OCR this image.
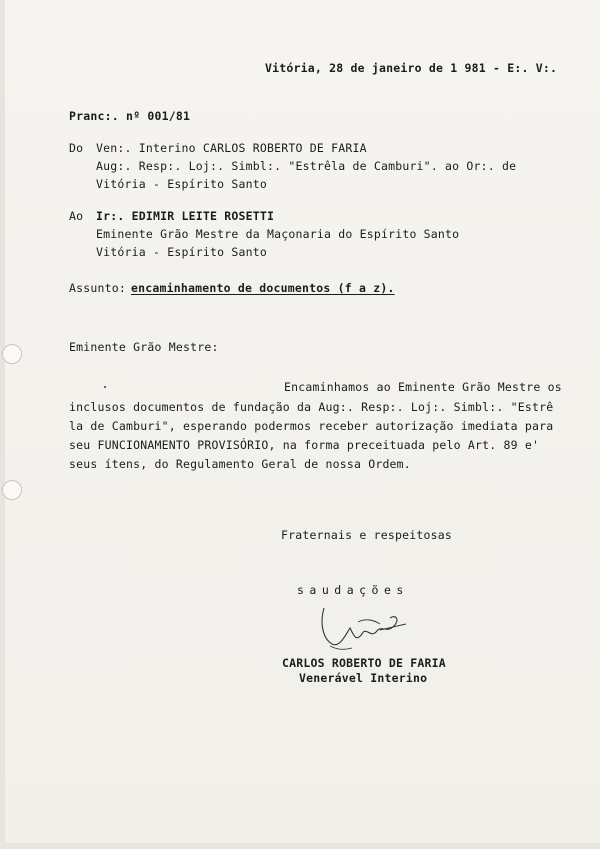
Vitória, 28 de janeiro de 1 981 - E:. V:.
Pranc:. nº 001/81
Do Ven:. Interino CARLOS ROBERTO DE FARIA
Aug:. Resp:. Loj:. Simbl:. "Estrêla de Camburi". ao Or:. de
Vitória - Espírito Santo
Ao Ir:. EDIMIR LEITE ROSETTI
Eminente Grão Mestre da Maçonaria do Espírito Santo
Vitória - Espírito Santo
Assunto: encaminhamento de documentos (f a z).
Eminente Grão Mestre:
Encaminhamos ao Eminente Grão Mestre os
inclusos documentos de fundação da Aug:. Resp:. Loj:. Simbl:. "Estrê
la de Camburi", esperando podermos receber autorização imediata para
seu FUNCIONAMENTO PROVISÓRIO, na forma preceituada pelo Art. 89 e'
seus ítens, do Regulamento Geral de nossa Ordem.
Fraternais e respeitosas
saudações
CARLOS ROBERTO DE FARIA
Venerável Interino
